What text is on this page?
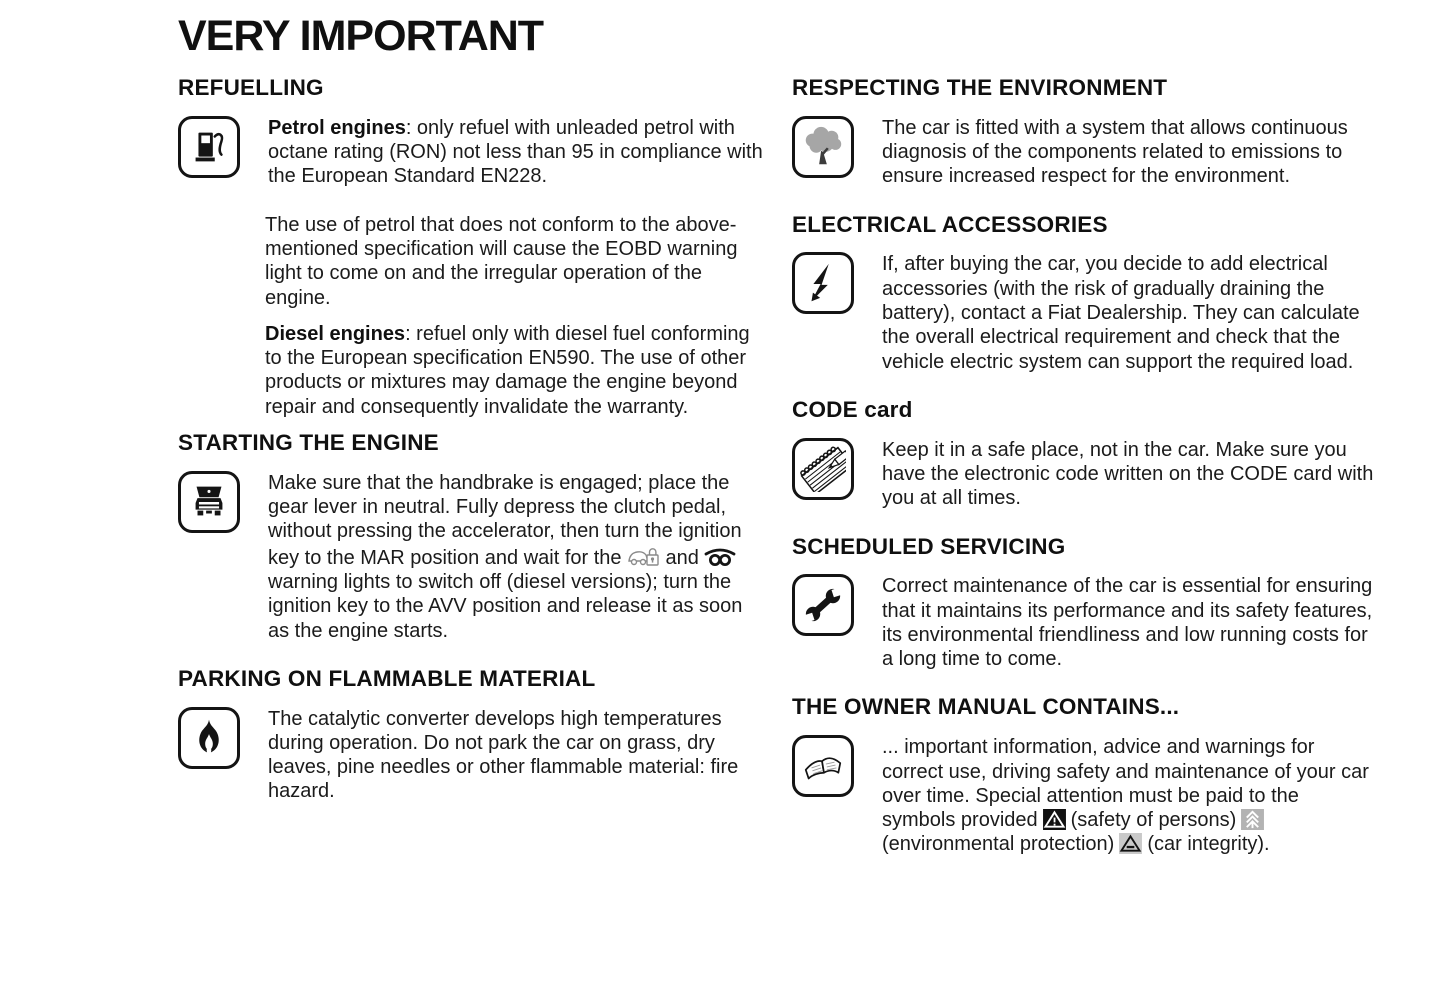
VERY IMPORTANT
REFUELLING

Petrol engines: only refuel with unleaded petrol with octane rating (RON) not less than 95 in compliance with the European Standard EN228.

The use of petrol that does not conform to the above-mentioned specification will cause the EOBD warning light to come on and the irregular operation of the engine.

Diesel engines: refuel only with diesel fuel conforming to the European specification EN590. The use of other products or mixtures may damage the engine beyond repair and consequently invalidate the warranty.

STARTING THE ENGINE

Make sure that the handbrake is engaged; place the gear lever in neutral. Fully depress the clutch pedal, without pressing the accelerator, then turn the ignition key to the MAR position and wait for the and
warning lights to switch off (diesel versions); turn the ignition key to the AVV position and release it as soon as the engine starts.

PARKING ON FLAMMABLE MATERIAL

The catalytic converter develops high temperatures during operation. Do not park the car on grass, dry leaves, pine needles or other flammable material: fire hazard.

RESPECTING THE ENVIRONMENT

The car is fitted with a system that allows continuous diagnosis of the components related to emissions to ensure increased respect for the environment.

ELECTRICAL ACCESSORIES

If, after buying the car, you decide to add electrical accessories (with the risk of gradually draining the battery), contact a Fiat Dealership. They can calculate the overall electrical requirement and check that the vehicle electric system can support the required load.

CODE card

Keep it in a safe place, not in the car. Make sure you have the electronic code written on the CODE card with you at all times.

SCHEDULED SERVICING

Correct maintenance of the car is essential for ensuring that it maintains its performance and its safety features, its environmental friendliness and low running costs for a long time to come.

THE OWNER MANUAL CONTAINS...

... important information, advice and warnings for correct use, driving safety and maintenance of your car over time. Special attention must be paid to the symbols provided (safety of persons)
(environmental protection) (car integrity).
